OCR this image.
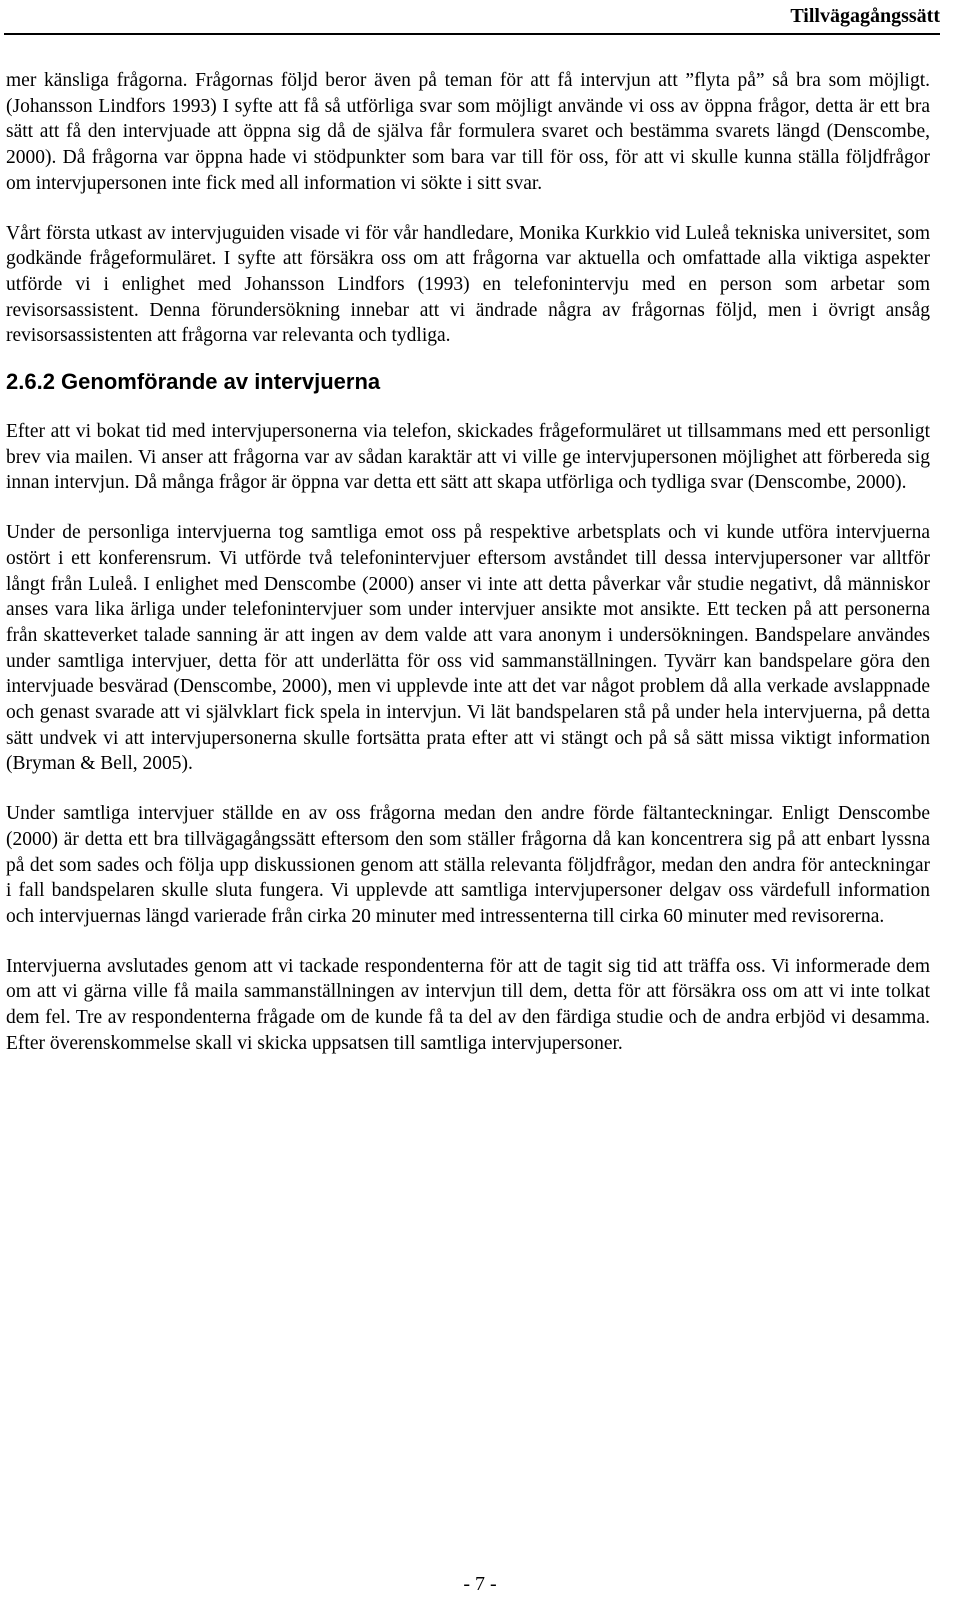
Tillvägagångssätt

mer känsliga frågorna. Frågornas följd beror även på teman för att få intervjun att ”flyta på” så bra som möjligt. (Johansson Lindfors 1993) I syfte att få så utförliga svar som möjligt använde vi oss av öppna frågor, detta är ett bra sätt att få den intervjuade att öppna sig då de själva får formulera svaret och bestämma svarets längd (Denscombe, 2000). Då frågorna var öppna hade vi stödpunkter som bara var till för oss, för att vi skulle kunna ställa följdfrågor om intervjupersonen inte fick med all information vi sökte i sitt svar.

Vårt första utkast av intervjuguiden visade vi för vår handledare, Monika Kurkkio vid Luleå tekniska universitet, som godkände frågeformuläret. I syfte att försäkra oss om att frågorna var aktuella och omfattade alla viktiga aspekter utförde vi i enlighet med Johansson Lindfors (1993) en telefonintervju med en person som arbetar som revisorsassistent. Denna förundersökning innebar att vi ändrade några av frågornas följd, men i övrigt ansåg revisorsassistenten att frågorna var relevanta och tydliga.

2.6.2 Genomförande av intervjuerna

Efter att vi bokat tid med intervjupersonerna via telefon, skickades frågeformuläret ut tillsammans med ett personligt brev via mailen. Vi anser att frågorna var av sådan karaktär att vi ville ge intervjupersonen möjlighet att förbereda sig innan intervjun. Då många frågor är öppna var detta ett sätt att skapa utförliga och tydliga svar (Denscombe, 2000).

Under de personliga intervjuerna tog samtliga emot oss på respektive arbetsplats och vi kunde utföra intervjuerna ostört i ett konferensrum. Vi utförde två telefonintervjuer eftersom avståndet till dessa intervjupersoner var alltför långt från Luleå. I enlighet med Denscombe (2000) anser vi inte att detta påverkar vår studie negativt, då människor anses vara lika ärliga under telefonintervjuer som under intervjuer ansikte mot ansikte. Ett tecken på att personerna från skatteverket talade sanning är att ingen av dem valde att vara anonym i undersökningen. Bandspelare användes under samtliga intervjuer, detta för att underlätta för oss vid sammanställningen. Tyvärr kan bandspelare göra den intervjuade besvärad (Denscombe, 2000), men vi upplevde inte att det var något problem då alla verkade avslappnade och genast svarade att vi självklart fick spela in intervjun. Vi lät bandspelaren stå på under hela intervjuerna, på detta sätt undvek vi att intervjupersonerna skulle fortsätta prata efter att vi stängt och på så sätt missa viktigt information (Bryman & Bell, 2005).

Under samtliga intervjuer ställde en av oss frågorna medan den andre förde fältanteckningar. Enligt Denscombe (2000) är detta ett bra tillvägagångssätt eftersom den som ställer frågorna då kan koncentrera sig på att enbart lyssna på det som sades och följa upp diskussionen genom att ställa relevanta följdfrågor, medan den andra för anteckningar i fall bandspelaren skulle sluta fungera. Vi upplevde att samtliga intervjupersoner delgav oss värdefull information och intervjuernas längd varierade från cirka 20 minuter med intressenterna till cirka 60 minuter med revisorerna.

Intervjuerna avslutades genom att vi tackade respondenterna för att de tagit sig tid att träffa oss. Vi informerade dem om att vi gärna ville få maila sammanställningen av intervjun till dem, detta för att försäkra oss om att vi inte tolkat dem fel. Tre av respondenterna frågade om de kunde få ta del av den färdiga studie och de andra erbjöd vi desamma. Efter överenskommelse skall vi skicka uppsatsen till samtliga intervjupersoner.

- 7 -
